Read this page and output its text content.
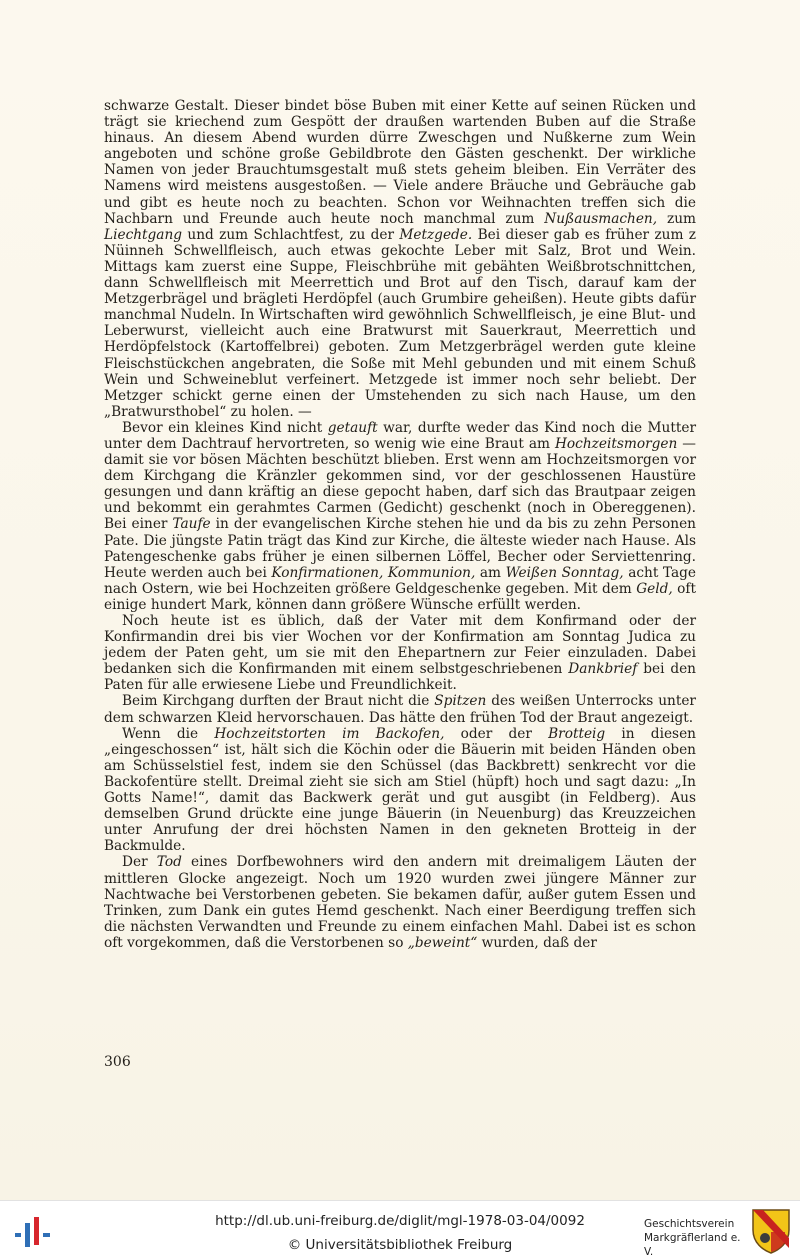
schwarze Gestalt. Dieser bindet böse Buben mit einer Kette auf seinen Rücken und trägt sie kriechend zum Gespött der draußen wartenden Buben auf die Straße hinaus. An diesem Abend wurden dürre Zweschgen und Nußkerne zum Wein angeboten und schöne große Gebildbrote den Gästen geschenkt. Der wirkliche Namen von jeder Brauchtumsgestalt muß stets geheim bleiben. Ein Verräter des Namens wird meistens ausgestoßen. — Viele andere Bräuche und Gebräuche gab und gibt es heute noch zu beachten. Schon vor Weihnachten treffen sich die Nachbarn und Freunde auch heute noch manchmal zum Nußausmachen, zum Liechtgang und zum Schlachtfest, zu der Metzgede. Bei dieser gab es früher zum z Nüinneh Schwellfleisch, auch etwas gekochte Leber mit Salz, Brot und Wein. Mittags kam zuerst eine Suppe, Fleischbrühe mit gebähten Weißbrotschnittchen, dann Schwellfleisch mit Meerrettich und Brot auf den Tisch, darauf kam der Metzgerbrägel und brägleti Herdöpfel (auch Grumbire geheißen). Heute gibts dafür manchmal Nudeln. In Wirtschaften wird gewöhnlich Schwellfleisch, je eine Blut- und Leberwurst, vielleicht auch eine Bratwurst mit Sauerkraut, Meerrettich und Herdöpfelstock (Kartoffelbrei) geboten. Zum Metzgerbrägel werden gute kleine Fleischstückchen angebraten, die Soße mit Mehl gebunden und mit einem Schuß Wein und Schweineblut verfeinert. Metzgede ist immer noch sehr beliebt. Der Metzger schickt gerne einen der Umstehenden zu sich nach Hause, um den „Bratwursthobel“ zu holen. —

Bevor ein kleines Kind nicht getauft war, durfte weder das Kind noch die Mutter unter dem Dachtrauf hervortreten, so wenig wie eine Braut am Hochzeitsmorgen — damit sie vor bösen Mächten beschützt blieben. Erst wenn am Hochzeitsmorgen vor dem Kirchgang die Kränzler gekommen sind, vor der geschlossenen Haustüre gesungen und dann kräftig an diese gepocht haben, darf sich das Brautpaar zeigen und bekommt ein gerahmtes Carmen (Gedicht) geschenkt (noch in Obereggenen). Bei einer Taufe in der evangelischen Kirche stehen hie und da bis zu zehn Personen Pate. Die jüngste Patin trägt das Kind zur Kirche, die älteste wieder nach Hause. Als Patengeschenke gabs früher je einen silbernen Löffel, Becher oder Serviettenring. Heute werden auch bei Konfirmationen, Kommunion, am Weißen Sonntag, acht Tage nach Ostern, wie bei Hochzeiten größere Geldgeschenke gegeben. Mit dem Geld, oft einige hundert Mark, können dann größere Wünsche erfüllt werden.

Noch heute ist es üblich, daß der Vater mit dem Konfirmand oder der Konfirmandin drei bis vier Wochen vor der Konfirmation am Sonntag Judica zu jedem der Paten geht, um sie mit den Ehepartnern zur Feier einzuladen. Dabei bedanken sich die Konfirmanden mit einem selbstgeschriebenen Dankbrief bei den Paten für alle erwiesene Liebe und Freundlichkeit.

Beim Kirchgang durften der Braut nicht die Spitzen des weißen Unterrocks unter dem schwarzen Kleid hervorschauen. Das hätte den frühen Tod der Braut angezeigt.

Wenn die Hochzeitstorten im Backofen, oder der Brotteig in diesen „eingeschossen“ ist, hält sich die Köchin oder die Bäuerin mit beiden Händen oben am Schüsselstiel fest, indem sie den Schüssel (das Backbrett) senkrecht vor die Backofentüre stellt. Dreimal zieht sie sich am Stiel (hüpft) hoch und sagt dazu: „In Gotts Name!“, damit das Backwerk gerät und gut ausgibt (in Feldberg). Aus demselben Grund drückte eine junge Bäuerin (in Neuenburg) das Kreuzzeichen unter Anrufung der drei höchsten Namen in den gekneten Brotteig in der Backmulde.

Der Tod eines Dorfbewohners wird den andern mit dreimaligem Läuten der mittleren Glocke angezeigt. Noch um 1920 wurden zwei jüngere Männer zur Nachtwache bei Verstorbenen gebeten. Sie bekamen dafür, außer gutem Essen und Trinken, zum Dank ein gutes Hemd geschenkt. Nach einer Beerdigung treffen sich die nächsten Verwandten und Freunde zu einem einfachen Mahl. Dabei ist es schon oft vorgekommen, daß die Verstorbenen so „beweint“ wurden, daß der

306
http://dl.ub.uni-freiburg.de/diglit/mgl-1978-03-04/0092
© Universitätsbibliothek Freiburg
Geschichtsverein
Markgräflerland e. V.
